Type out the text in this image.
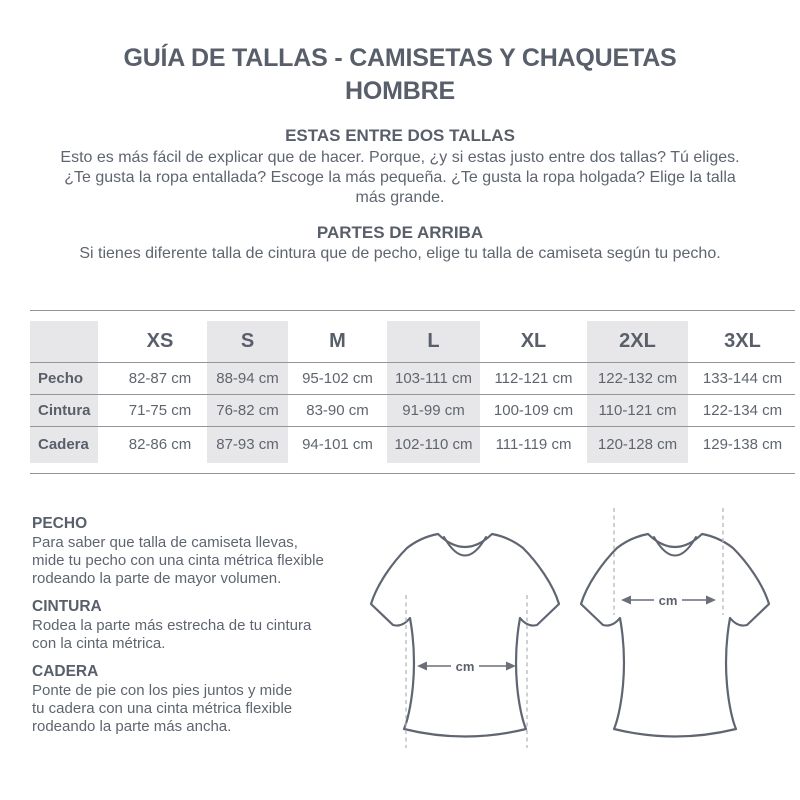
GUÍA DE TALLAS - CAMISETAS Y CHAQUETAS
HOMBRE
ESTAS ENTRE DOS TALLAS
Esto es más fácil de explicar que de hacer. Porque, ¿y si estas justo entre dos tallas? Tú eliges.
¿Te gusta la ropa entallada? Escoge la más pequeña. ¿Te gusta la ropa holgada? Elige la talla
más grande.
PARTES DE ARRIBA
Si tienes diferente talla de cintura que de pecho, elige tu talla de camiseta según tu pecho.
	XS	S	M	L	XL	2XL	3XL
Pecho	82-87 cm	88-94 cm	95-102 cm	103-111 cm	112-121 cm	122-132 cm	133-144 cm
Cintura	71-75 cm	76-82 cm	83-90 cm	91-99 cm	100-109 cm	110-121 cm	122-134 cm
Cadera	82-86 cm	87-93 cm	94-101 cm	102-110 cm	111-119 cm	120-128 cm	129-138 cm
PECHO
Para saber que talla de camiseta llevas,
mide tu pecho con una cinta métrica flexible
rodeando la parte de mayor volumen.
CINTURA
Rodea la parte más estrecha de tu cintura
con la cinta métrica.
CADERA
Ponte de pie con los pies juntos y mide
tu cadera con una cinta métrica flexible
rodeando la parte más ancha.
cm
cm
